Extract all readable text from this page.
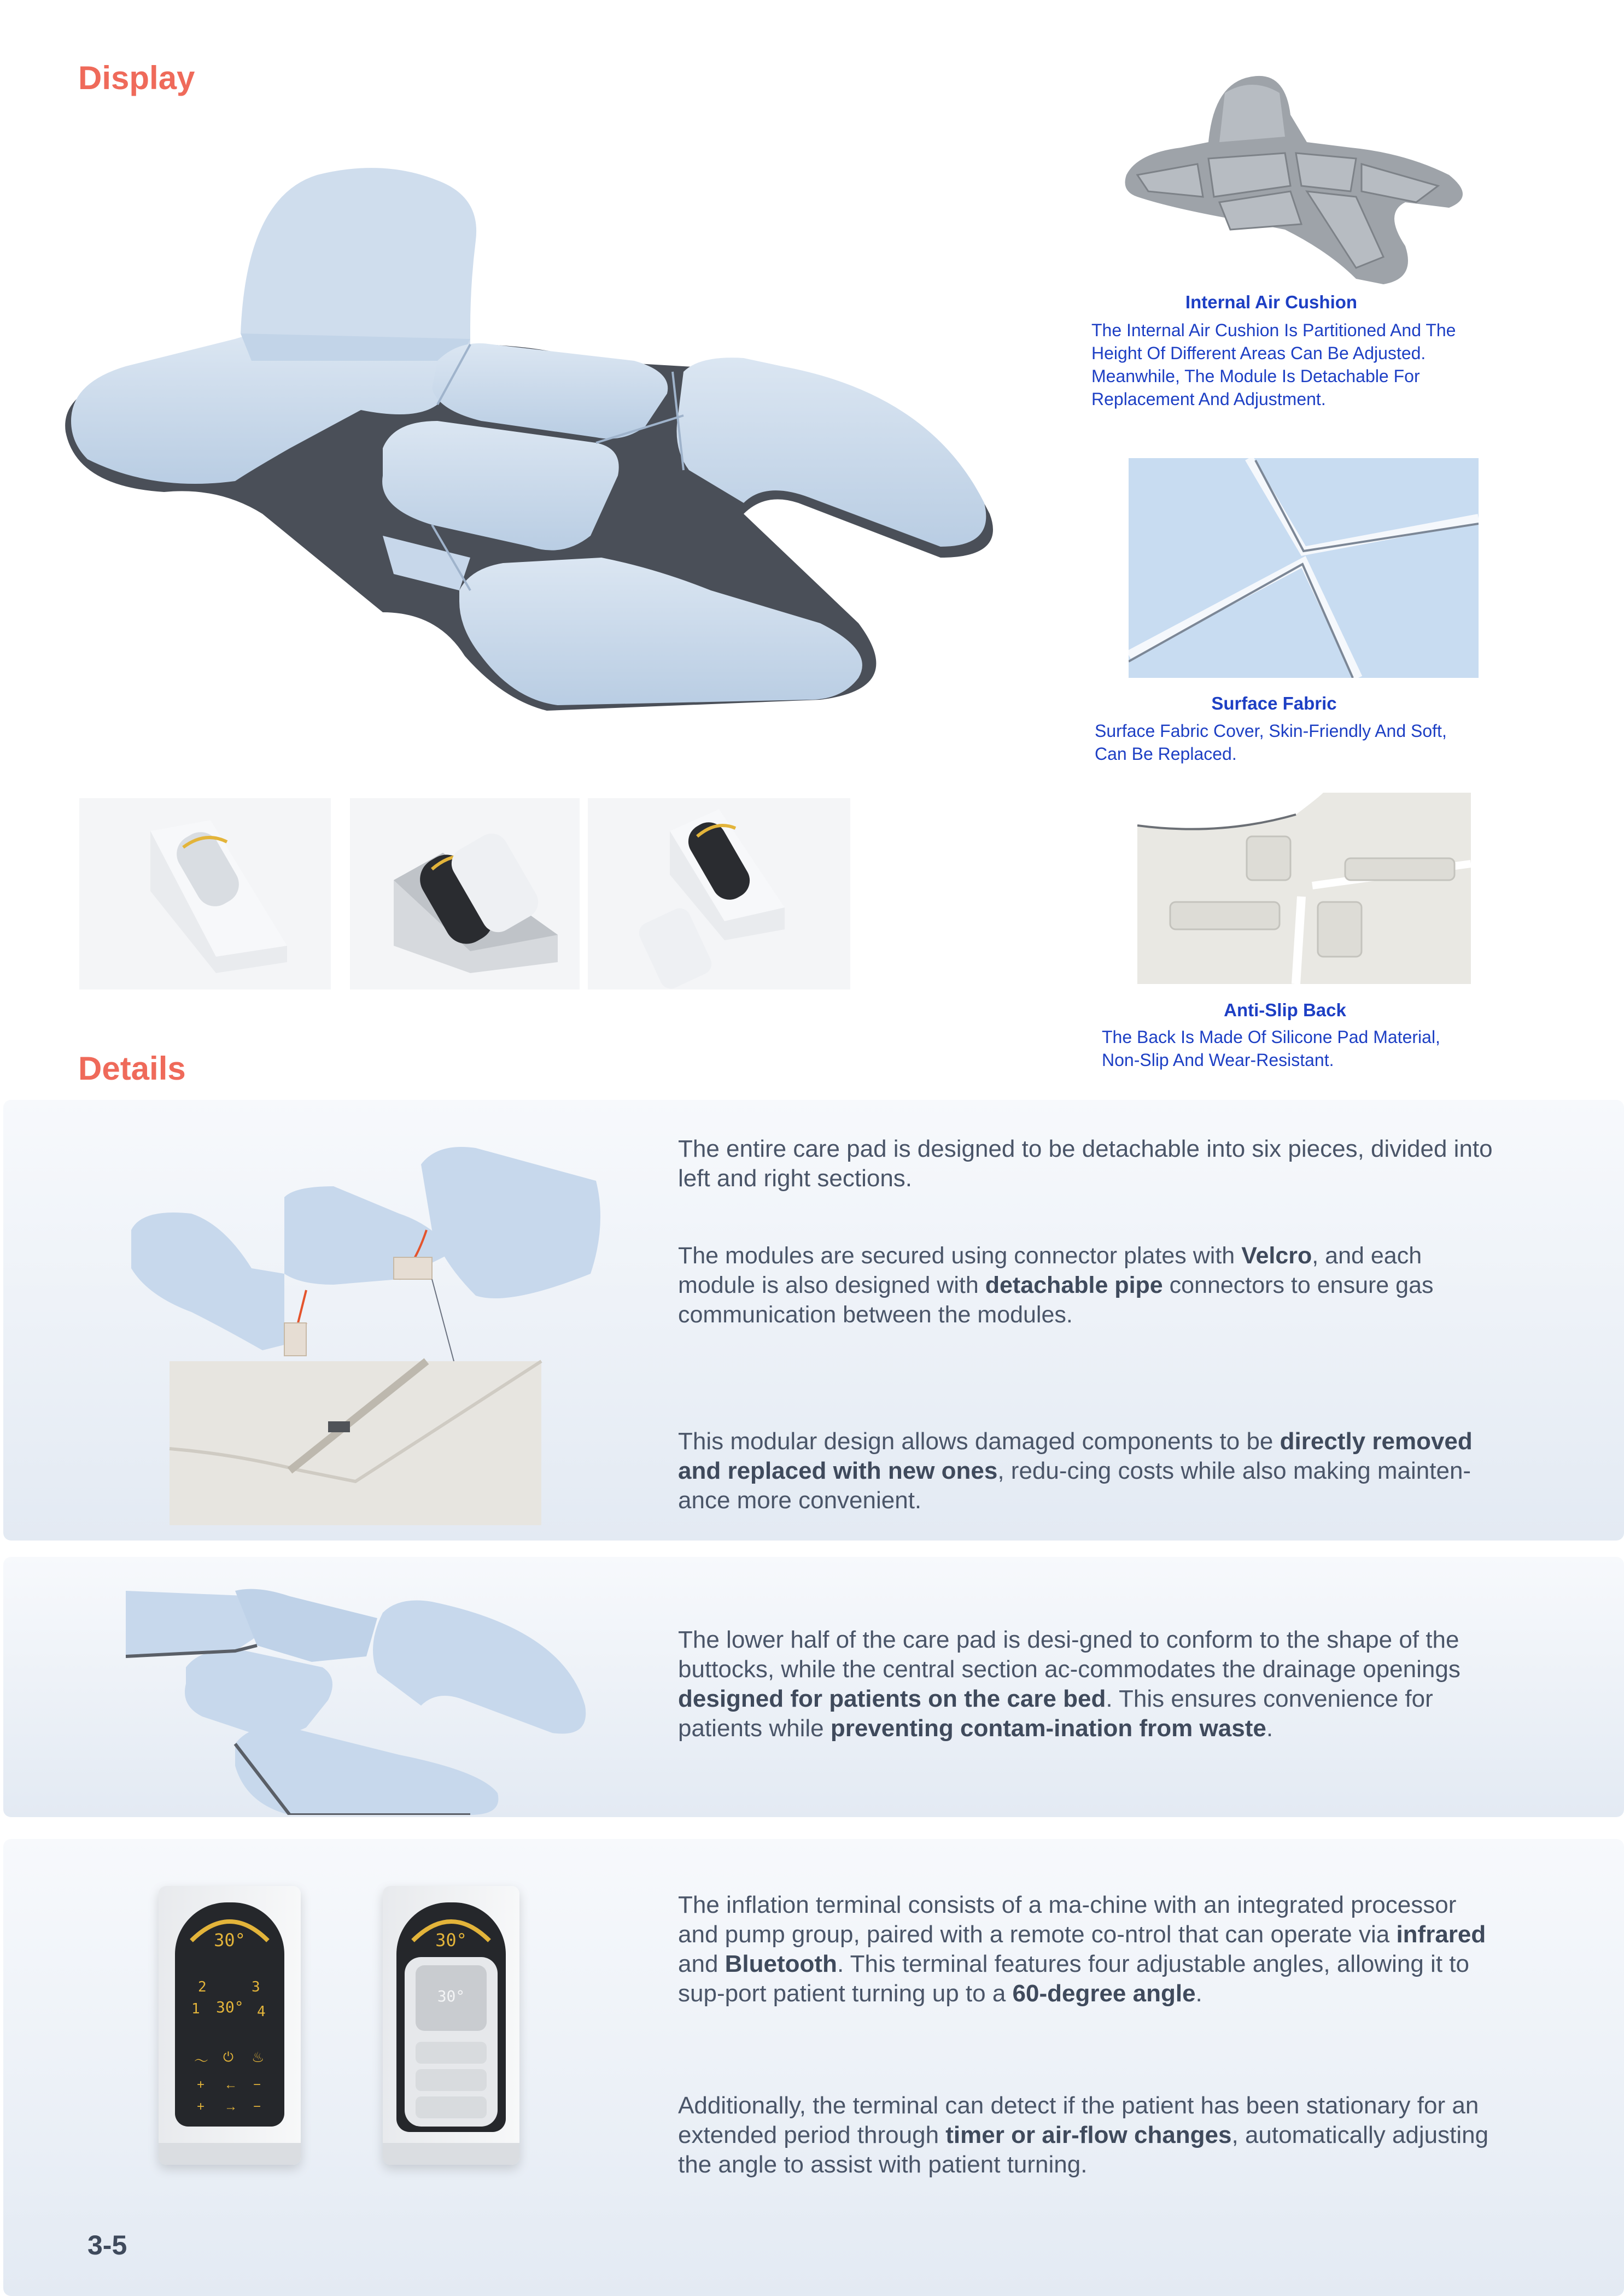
Display
Details
Internal Air Cushion
The Internal Air Cushion Is Partitioned And The
Height Of Different Areas Can Be Adjusted.
Meanwhile, The Module Is Detachable For
Replacement And Adjustment.
Surface Fabric
Surface Fabric Cover, Skin-Friendly And Soft,
Can Be Replaced.
Anti-Slip Back
The Back Is Made Of Silicone Pad Material,
Non-Slip And Wear-Resistant.
The entire care pad is designed to be detachable into six pieces, divided into left and right sections.
The modules are secured using connector plates with Velcro, and each module is also designed with detachable pipe connectors to ensure gas communication between the modules.
This modular design allows damaged components to be directly removed and replaced with new ones, redu-cing costs while also making mainten-ance more convenient.
The lower half of the care pad is desi-gned to conform to the shape of the buttocks, while the central section ac-commodates the drainage openings designed for patients on the care bed. This ensures convenience for patients while preventing contam-ination from waste.
30°
2	3
1 30° 4
〜 ⏻ ♨
+ ← −
+ → −
30°
30°
The inflation terminal consists of a ma-chine with an integrated processor and pump group, paired with a remote co-ntrol that can operate via infrared and Bluetooth. This terminal features four adjustable angles, allowing it to sup-port patient turning up to a 60-degree angle.
Additionally, the terminal can detect if the patient has been stationary for an extended period through timer or air-flow changes, automatically adjusting the angle to assist with patient turning.
3-5
